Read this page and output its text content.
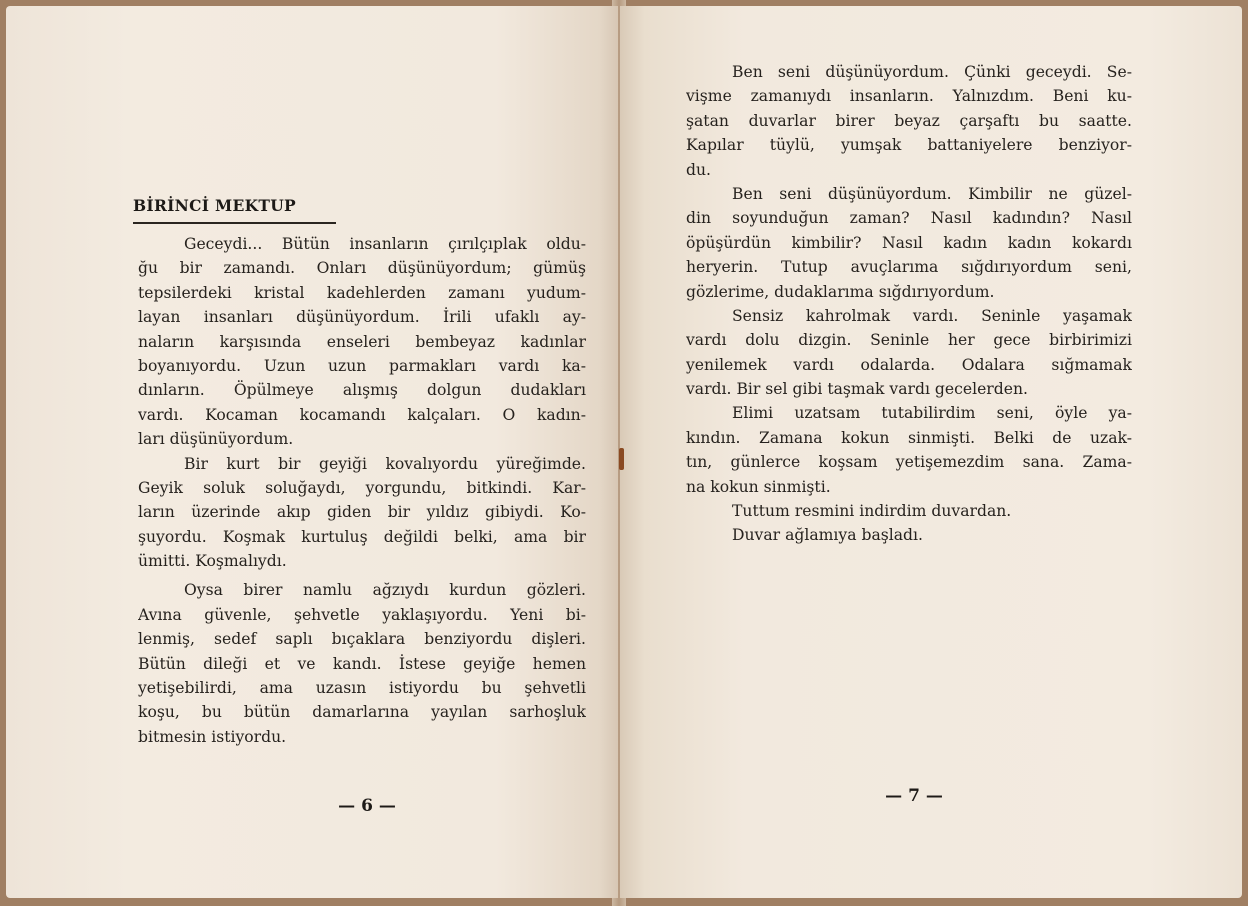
BİRİNCİ MEKTUP
Geceydi... Bütün insanların çırılçıplak oldu-
ğu bir zamandı. Onları düşünüyordum; gümüş
tepsilerdeki kristal kadehlerden zamanı yudum-
layan insanları düşünüyordum. İrili ufaklı ay-
naların karşısında enseleri bembeyaz kadınlar
boyanıyordu. Uzun uzun parmakları vardı ka-
dınların. Öpülmeye alışmış dolgun dudakları
vardı. Kocaman kocamandı kalçaları. O kadın-
ları düşünüyordum.
Bir kurt bir geyiği kovalıyordu yüreğimde.
Geyik soluk soluğaydı, yorgundu, bitkindi. Kar-
ların üzerinde akıp giden bir yıldız gibiydi. Ko-
şuyordu. Koşmak kurtuluş değildi belki, ama bir
ümitti. Koşmalıydı.
Oysa birer namlu ağzıydı kurdun gözleri.
Avına güvenle, şehvetle yaklaşıyordu. Yeni bi-
lenmiş, sedef saplı bıçaklara benziyordu dişleri.
Bütün dileği et ve kandı. İstese geyiğe hemen
yetişebilirdi, ama uzasın istiyordu bu şehvetli
koşu, bu bütün damarlarına yayılan sarhoşluk
bitmesin istiyordu.
— 6 —
Ben seni düşünüyordum. Çünki geceydi. Se-
vişme zamanıydı insanların. Yalnızdım. Beni ku-
şatan duvarlar birer beyaz çarşaftı bu saatte.
Kapılar tüylü, yumşak battaniyelere benziyor-
du.
Ben seni düşünüyordum. Kimbilir ne güzel-
din soyunduğun zaman? Nasıl kadındın? Nasıl
öpüşürdün kimbilir? Nasıl kadın kadın kokardı
heryerin. Tutup avuçlarıma sığdırıyordum seni,
gözlerime, dudaklarıma sığdırıyordum.
Sensiz kahrolmak vardı. Seninle yaşamak
vardı dolu dizgin. Seninle her gece birbirimizi
yenilemek vardı odalarda. Odalara sığmamak
vardı. Bir sel gibi taşmak vardı gecelerden.
Elimi uzatsam tutabilirdim seni, öyle ya-
kındın. Zamana kokun sinmişti. Belki de uzak-
tın, günlerce koşsam yetişemezdim sana. Zama-
na kokun sinmişti.
Tuttum resmini indirdim duvardan.
Duvar ağlamıya başladı.
— 7 —
